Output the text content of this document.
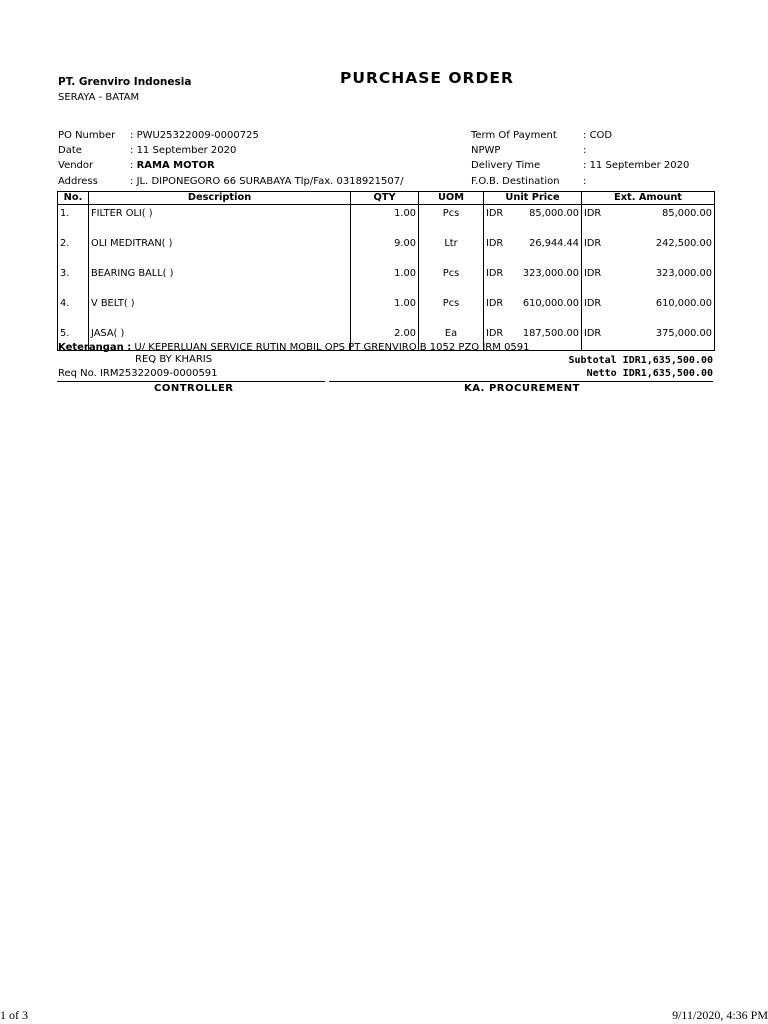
PT. Grenviro Indonesia
SERAYA - BATAM
PURCHASE ORDER
PO Number : PWU25322009-0000725
Date	: 11 September 2020
Vendor	: RAMA MOTOR
Address	: JL. DIPONEGORO 66 SURABAYA Tlp/Fax. 0318921507/
Term Of Payment	: COD
NPWP	:
Delivery Time	: 11 September 2020
F.O.B. Destination :
No.	Description	QTY	UOM	Unit Price	Ext. Amount
1.	FILTER OLI( )	1.00	Pcs	IDR 85,000.00	IDR 85,000.00

2.	OLI MEDITRAN( )	9.00	Ltr	IDR 26,944.44	IDR 242,500.00

3.	BEARING BALL( )	1.00	Pcs	IDR 323,000.00	IDR 323,000.00

4.	V BELT( )	1.00	Pcs	IDR 610,000.00	IDR 610,000.00

5.	JASA( )	2.00	Ea	IDR 187,500.00	IDR 375,000.00
Keterangan : U/ KEPERLUAN SERVICE RUTIN MOBIL OPS PT GRENVIRO B 1052 PZQ IRM 0591
REQ BY KHARIS	Subtotal IDR1,635,500.00
Req No. IRM25322009-0000591	Netto IDR1,635,500.00
CONTROLLER	KA. PROCUREMENT
1 of 3	9/11/2020, 4:36 PM
